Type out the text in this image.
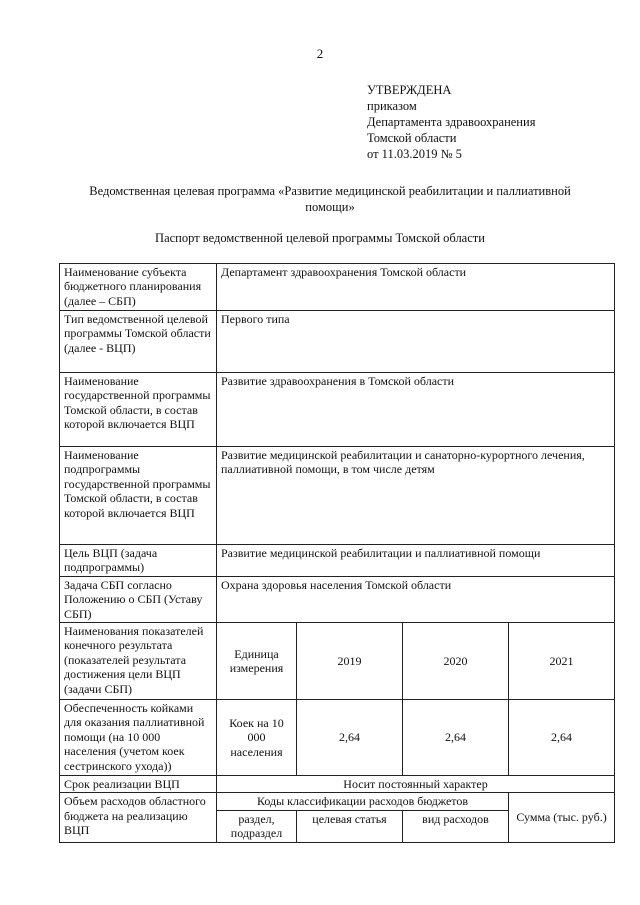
2
УТВЕРЖДЕНА
приказом
Департамента здравоохранения
Томской области
от 11.03.2019 № 5
Ведомственная целевая программа «Развитие медицинской реабилитации и паллиативной помощи»
Паспорт ведомственной целевой программы Томской области
Наименование субъекта бюджетного планирования (далее – СБП)	Департамент здравоохранения Томской области			
Тип ведомственной целевой программы Томской области (далее - ВЦП)	Первого типа			
Наименование государственной программы Томской области, в состав которой включается ВЦП	Развитие здравоохранения в Томской области			
Наименование подпрограммы государственной программы Томской области, в состав которой включается ВЦП	Развитие медицинской реабилитации и санаторно-курортного лечения, паллиативной помощи, в том числе детям			
Цель ВЦП (задача подпрограммы)	Развитие медицинской реабилитации и паллиативной помощи			
Задача СБП согласно Положению о СБП (Уставу СБП)	Охрана здоровья населения Томской области			
Наименования показателей конечного результата (показателей результата достижения цели ВЦП (задачи СБП)	Единица измерения	2019	2020	2021
Обеспеченность койками для оказания паллиативной помощи (на 10 000 населения (учетом коек сестринского ухода))	Коек на 10 000 населения	2,64	2,64	2,64
Срок реализации ВЦП	Носит постоянный характер			
Объем расходов областного бюджета на реализацию ВЦП	Коды классификации расходов бюджетов			Сумма (тыс. руб.)
	раздел, подраздел	целевая статья	вид расходов	
